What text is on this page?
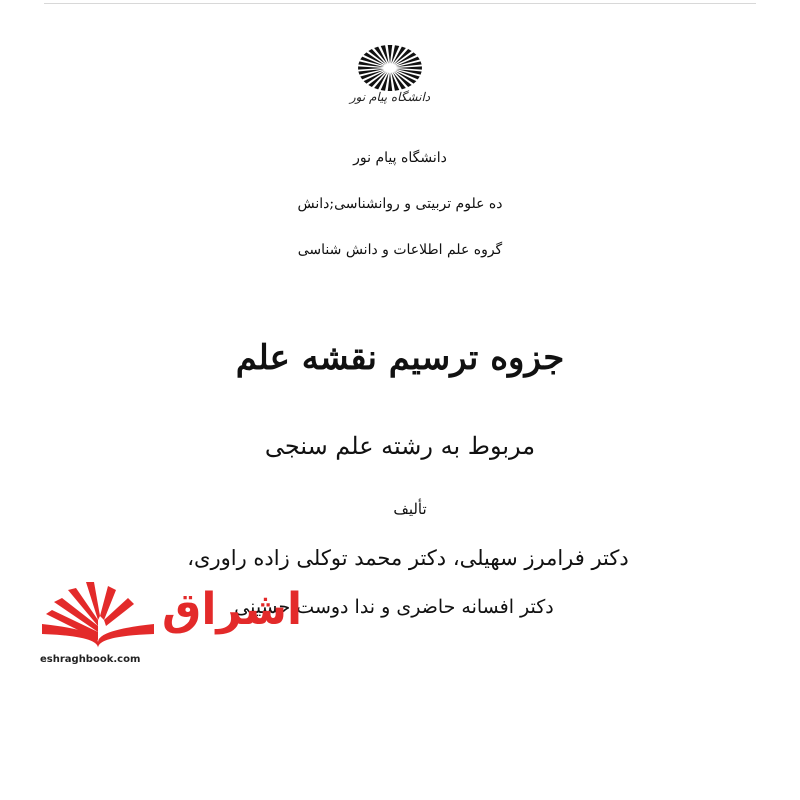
دانشگاه پیام نور
دانشگاه پیام نور
ده علوم تربیتی و روانشناسی;دانش
گروه علم اطلاعات و دانش شناسی
جزوه ترسیم نقشه علم
مربوط به رشته علم سنجی
تألیف
دکتر فرامرز سهیلی، دکتر محمد توکلی زاده راوری،
دکتر افسانه حاضری و ندا دوست حسینی
اشراق
eshraghbook.com
